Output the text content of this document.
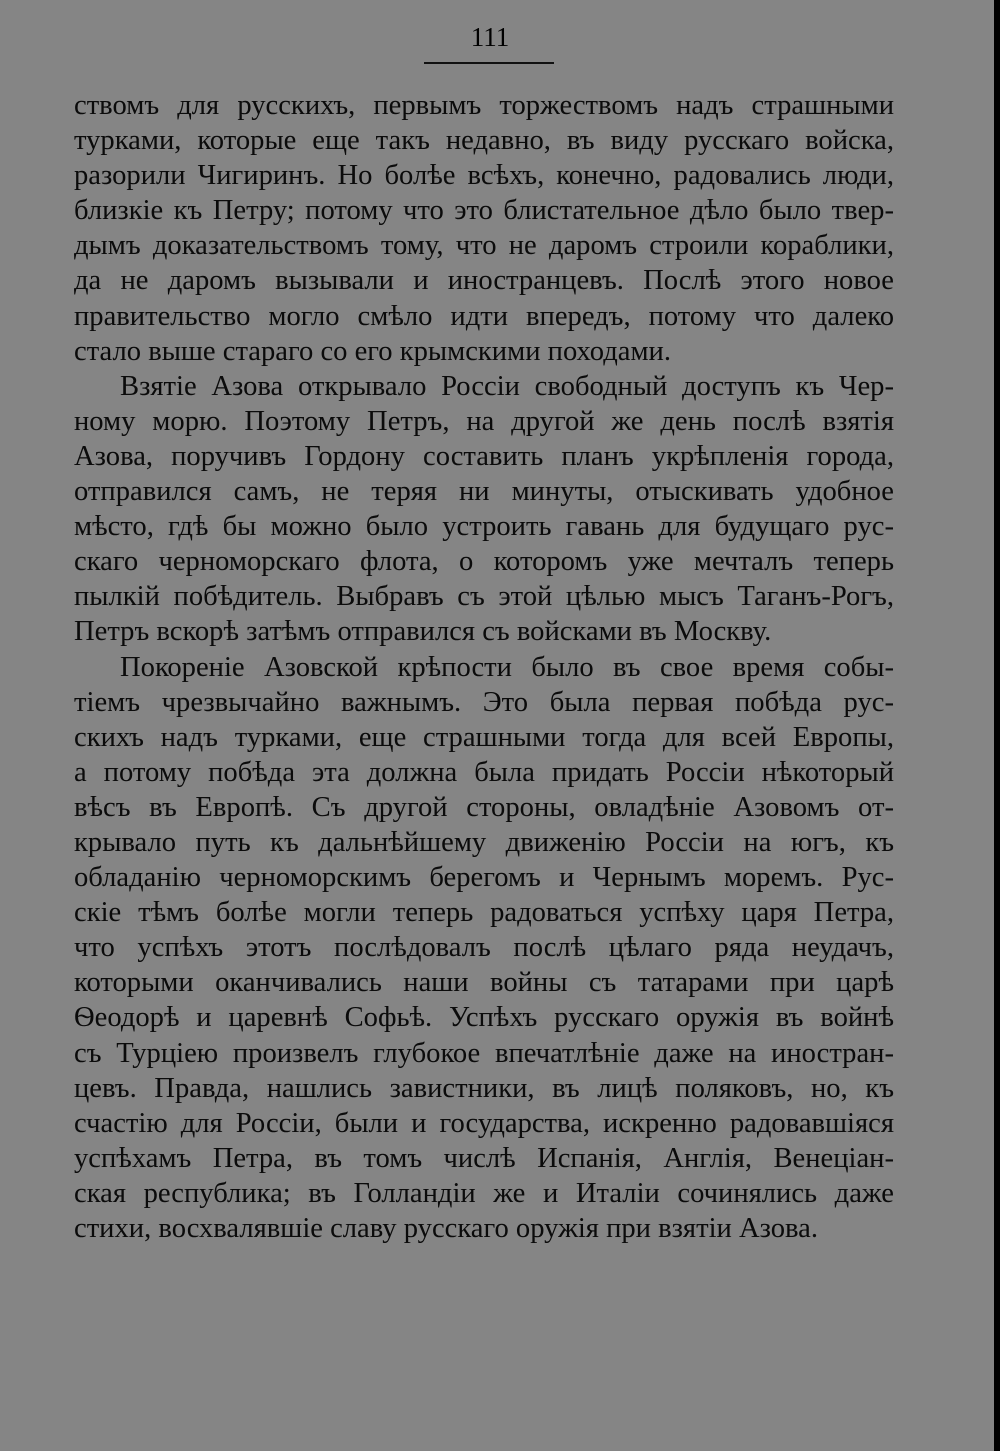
111
ствомъ для русскихъ, первымъ торжествомъ надъ страшными
турками, которые еще такъ недавно, въ виду русскаго войска,
разорили Чигиринъ. Но болѣе всѣхъ, конечно, радовались люди,
близкiе къ Петру; потому что это блистательное дѣло было твер-
дымъ доказательствомъ тому, что не даромъ строили кораблики,
да не даромъ вызывали и иностранцевъ. Послѣ этого новое
правительство могло смѣло идти впередъ, потому что далеко
стало выше стараго со его крымскими походами.
Взятiе Азова открывало Россiи свободный доступъ къ Чер-
ному морю. Поэтому Петръ, на другой же день послѣ взятiя
Азова, поручивъ Гордону составить планъ укрѣпленiя города,
отправился самъ, не теряя ни минуты, отыскивать удобное
мѣсто, гдѣ бы можно было устроить гавань для будущаго рус-
скаго черноморскаго флота, о которомъ уже мечталъ теперь
пылкiй побѣдитель. Выбравъ съ этой цѣлью мысъ Таганъ-Рогъ,
Петръ вскорѣ затѣмъ отправился съ войсками въ Москву.
Покоренiе Азовской крѣпости было въ свое время собы-
тiемъ чрезвычайно важнымъ. Это была первая побѣда рус-
скихъ надъ турками, еще страшными тогда для всей Европы,
а потому побѣда эта должна была придать Россiи нѣкоторый
вѣсъ въ Европѣ. Съ другой стороны, овладѣнiе Азовомъ от-
крывало путь къ дальнѣйшему движенiю Россiи на югъ, къ
обладанiю черноморскимъ берегомъ и Чернымъ моремъ. Рус-
скiе тѣмъ болѣе могли теперь радоваться успѣху царя Петра,
что успѣхъ этотъ послѣдовалъ послѣ цѣлаго ряда неудачъ,
которыми оканчивались наши войны съ татарами при царѣ
Ѳеодорѣ и царевнѣ Софьѣ. Успѣхъ русскаго оружiя въ войнѣ
съ Турцiею произвелъ глубокое впечатлѣнiе даже на иностран-
цевъ. Правда, нашлись завистники, въ лицѣ поляковъ, но, къ
счастiю для Россiи, были и государства, искренно радовавшiяся
успѣхамъ Петра, въ томъ числѣ Испанiя, Англiя, Венецiан-
ская республика; въ Голландiи же и Италiи сочинялись даже
стихи, восхвалявшiе славу русскаго оружiя при взятiи Азова.
